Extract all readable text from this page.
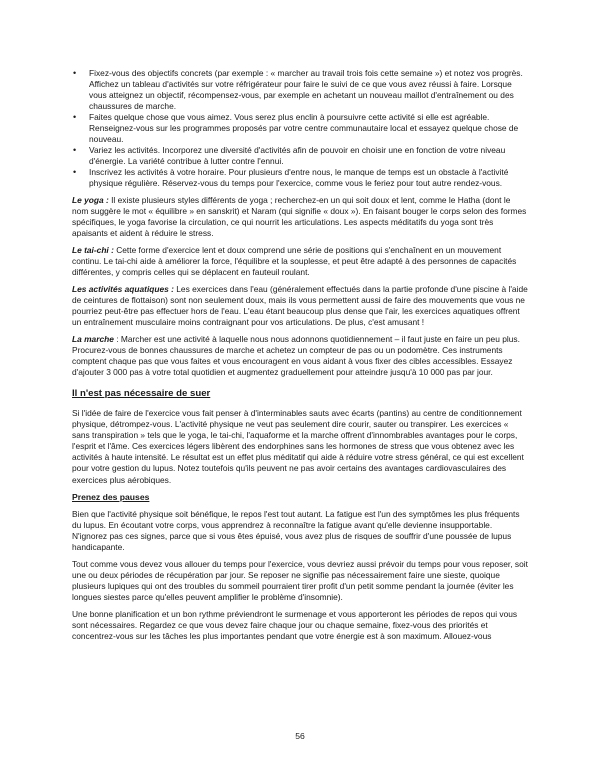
• Fixez-vous des objectifs concrets (par exemple : « marcher au travail trois fois cette semaine ») et notez vos progrès. Affichez un tableau d'activités sur votre réfrigérateur pour faire le suivi de ce que vous avez réussi à faire. Lorsque vous atteignez un objectif, récompensez-vous, par exemple en achetant un nouveau maillot d'entraînement ou des chaussures de marche.
• Faites quelque chose que vous aimez. Vous serez plus enclin à poursuivre cette activité si elle est agréable. Renseignez-vous sur les programmes proposés par votre centre communautaire local et essayez quelque chose de nouveau.
• Variez les activités. Incorporez une diversité d'activités afin de pouvoir en choisir une en fonction de votre niveau d'énergie. La variété contribue à lutter contre l'ennui.
• Inscrivez les activités à votre horaire. Pour plusieurs d'entre nous, le manque de temps est un obstacle à l'activité physique régulière. Réservez-vous du temps pour l'exercice, comme vous le feriez pour tout autre rendez-vous.

Le yoga : Il existe plusieurs styles différents de yoga ; recherchez-en un qui soit doux et lent, comme le Hatha (dont le nom suggère le mot « équilibre » en sanskrit) et Naram (qui signifie « doux »). En faisant bouger le corps selon des formes spécifiques, le yoga favorise la circulation, ce qui nourrit les articulations. Les aspects méditatifs du yoga sont très apaisants et aident à réduire le stress.

Le tai-chi : Cette forme d'exercice lent et doux comprend une série de positions qui s'enchaînent en un mouvement continu. Le tai-chi aide à améliorer la force, l'équilibre et la souplesse, et peut être adapté à des personnes de capacités différentes, y compris celles qui se déplacent en fauteuil roulant.

Les activités aquatiques : Les exercices dans l'eau (généralement effectués dans la partie profonde d'une piscine à l'aide de ceintures de flottaison) sont non seulement doux, mais ils vous permettent aussi de faire des mouvements que vous ne pourriez peut-être pas effectuer hors de l'eau. L'eau étant beaucoup plus dense que l'air, les exercices aquatiques offrent un entraînement musculaire moins contraignant pour vos articulations. De plus, c'est amusant !

La marche : Marcher est une activité à laquelle nous nous adonnons quotidiennement – il faut juste en faire un peu plus. Procurez-vous de bonnes chaussures de marche et achetez un compteur de pas ou un podomètre. Ces instruments comptent chaque pas que vous faites et vous encouragent en vous aidant à vous fixer des cibles accessibles. Essayez d'ajouter 3 000 pas à votre total quotidien et augmentez graduellement pour atteindre jusqu'à 10 000 pas par jour.

Il n'est pas nécessaire de suer

Si l'idée de faire de l'exercice vous fait penser à d'interminables sauts avec écarts (pantins) au centre de conditionnement physique, détrompez-vous. L'activité physique ne veut pas seulement dire courir, sauter ou transpirer. Les exercices « sans transpiration » tels que le yoga, le tai-chi, l'aquaforme et la marche offrent d'innombrables avantages pour le corps, l'esprit et l'âme. Ces exercices légers libèrent des endorphines sans les hormones de stress que vous obtenez avec les activités à haute intensité. Le résultat est un effet plus méditatif qui aide à réduire votre stress général, ce qui est excellent pour votre gestion du lupus. Notez toutefois qu'ils peuvent ne pas avoir certains des avantages cardiovasculaires des exercices plus aérobiques.

Prenez des pauses

Bien que l'activité physique soit bénéfique, le repos l'est tout autant. La fatigue est l'un des symptômes les plus fréquents du lupus. En écoutant votre corps, vous apprendrez à reconnaître la fatigue avant qu'elle devienne insupportable. N'ignorez pas ces signes, parce que si vous êtes épuisé, vous avez plus de risques de souffrir d'une poussée de lupus handicapante.

Tout comme vous devez vous allouer du temps pour l'exercice, vous devriez aussi prévoir du temps pour vous reposer, soit une ou deux périodes de récupération par jour. Se reposer ne signifie pas nécessairement faire une sieste, quoique plusieurs lupiques qui ont des troubles du sommeil pourraient tirer profit d'un petit somme pendant la journée (éviter les longues siestes parce qu'elles peuvent amplifier le problème d'insomnie).

Une bonne planification et un bon rythme préviendront le surmenage et vous apporteront les périodes de repos qui vous sont nécessaires. Regardez ce que vous devez faire chaque jour ou chaque semaine, fixez-vous des priorités et concentrez-vous sur les tâches les plus importantes pendant que votre énergie est à son maximum. Allouez-vous

56
